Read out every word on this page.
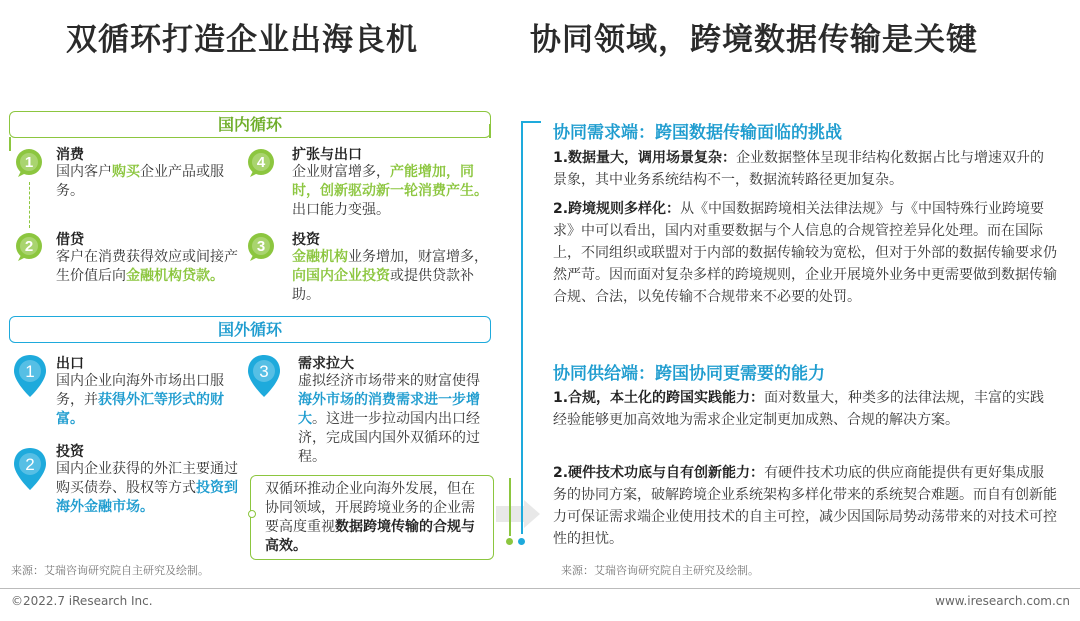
双循环打造企业出海良机	协同领域，跨境数据传输是关键
国内循环
1 消费
国内客户购买企业产品或服务。
2 借贷
客户在消费获得效应或间接产生价值后向金融机构贷款。
4 扩张与出口
企业财富增多，产能增加，同时，创新驱动新一轮消费产生。出口能力变强。
3 投资
金融机构业务增加，财富增多，向国内企业投资或提供贷款补助。
国外循环
1 出口
国内企业向海外市场出口服务，并获得外汇等形式的财富。
2
投资
国内企业获得的外汇主要通过购买债券、股权等方式投资到海外金融市场。
3 需求拉大
虚拟经济市场带来的财富使得海外市场的消费需求进一步增大。这进一步拉动国内出口经济，完成国内国外双循环的过程。
双循环推动企业向海外发展，但在协同领域，开展跨境业务的企业需要高度重视数据跨境传输的合规与高效。
协同需求端：跨国数据传输面临的挑战
1.数据量大，调用场景复杂：企业数据整体呈现非结构化数据占比与增速双升的景象，其中业务系统结构不一，数据流转路径更加复杂。
2.跨境规则多样化：从《中国数据跨境相关法律法规》与《中国特殊行业跨境要求》中可以看出，国内对重要数据与个人信息的合规管控差异化处理。而在国际上，不同组织或联盟对于内部的数据传输较为宽松，但对于外部的数据传输要求仍然严苛。因而面对复杂多样的跨境规则，企业开展境外业务中更需要做到数据传输合规、合法，以免传输不合规带来不必要的处罚。
协同供给端：跨国协同更需要的能力
1.合规，本土化的跨国实践能力：面对数量大，种类多的法律法规，丰富的实践经验能够更加高效地为需求企业定制更加成熟、合规的解决方案。
2.硬件技术功底与自有创新能力：有硬件技术功底的供应商能提供有更好集成服务的协同方案，破解跨境企业系统架构多样化带来的系统契合难题。而自有创新能力可保证需求端企业使用技术的自主可控，减少因国际局势动荡带来的对技术可控性的担忧。
来源：艾瑞咨询研究院自主研究及绘制。	来源：艾瑞咨询研究院自主研究及绘制。
©2022.7 iResearch Inc.	www.iresearch.com.cn
